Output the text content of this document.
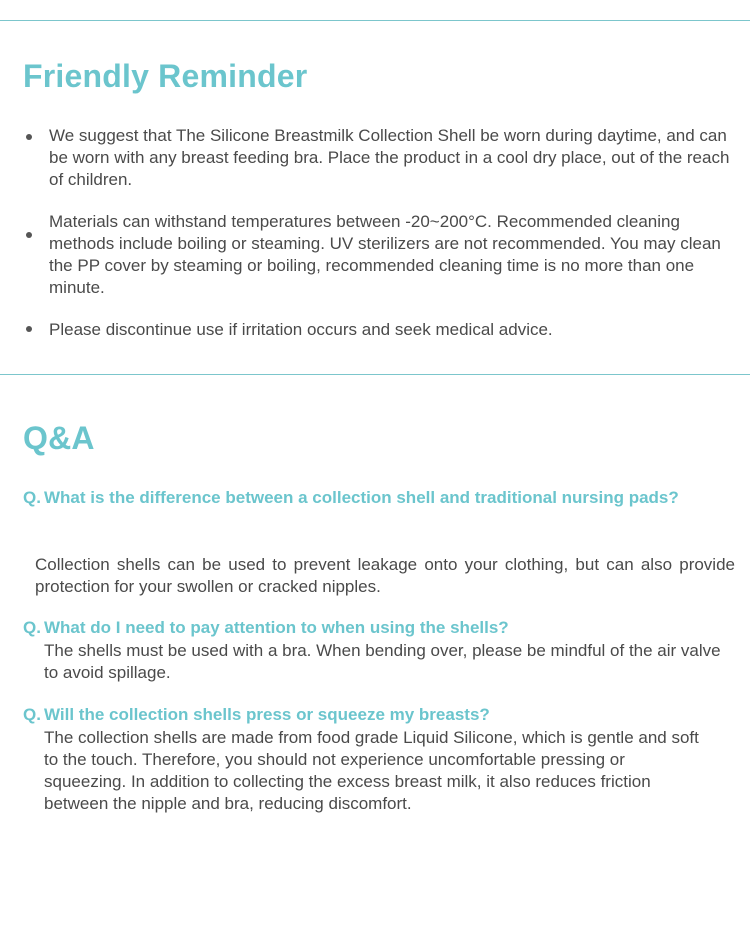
Friendly Reminder
We suggest that The Silicone Breastmilk Collection Shell be worn during daytime, and can be worn with any breast feeding bra. Place the product in a cool dry place, out of the reach of children.
Materials can withstand temperatures between -20~200°C. Recommended cleaning methods include boiling or steaming. UV sterilizers are not recommended. You may clean the PP cover by steaming or boiling, recommended cleaning time is no more than one minute.
Please discontinue use if irritation occurs and seek medical advice.
Q&A
Q. What is the difference between a collection shell and traditional nursing pads?
Collection shells can be used to prevent leakage onto your clothing, but can also provide protection for your swollen or cracked nipples.
Q. What do I need to pay attention to when using the shells?
The shells must be used with a bra. When bending over, please be mindful of the air valve to avoid spillage.
Q. Will the collection shells press or squeeze my breasts?
The collection shells are made from food grade Liquid Silicone, which is gentle and soft to the touch. Therefore, you should not experience uncomfortable pressing or squeezing. In addition to collecting the excess breast milk, it also reduces friction between the nipple and bra, reducing discomfort.
